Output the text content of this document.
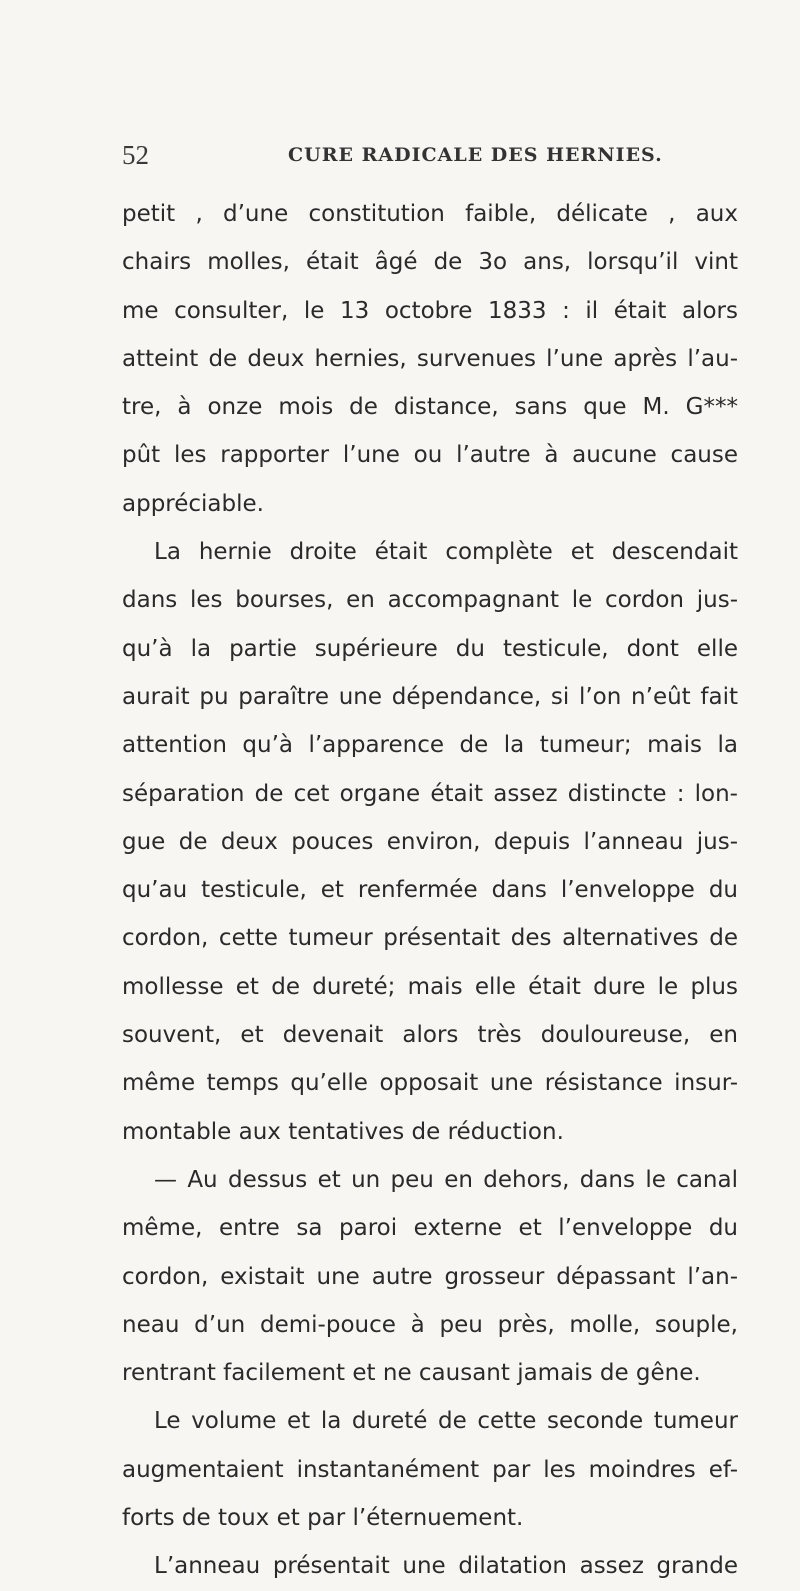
52	CURE RADICALE DES HERNIES.
petit , d’une constitution faible, délicate , aux
chairs molles, était âgé de 3o ans, lorsqu’il vint
me consulter, le 13 octobre 1833 : il était alors
atteint de deux hernies, survenues l’une après l’au-
tre, à onze mois de distance, sans que M. G***
pût les rapporter l’une ou l’autre à aucune cause
appréciable.
La hernie droite était complète et descendait
dans les bourses, en accompagnant le cordon jus-
qu’à la partie supérieure du testicule, dont elle
aurait pu paraître une dépendance, si l’on n’eût fait
attention qu’à l’apparence de la tumeur; mais la
séparation de cet organe était assez distincte : lon-
gue de deux pouces environ, depuis l’anneau jus-
qu’au testicule, et renfermée dans l’enveloppe du
cordon, cette tumeur présentait des alternatives de
mollesse et de dureté; mais elle était dure le plus
souvent, et devenait alors très douloureuse, en
même temps qu’elle opposait une résistance insur-
montable aux tentatives de réduction.
— Au dessus et un peu en dehors, dans le canal
même, entre sa paroi externe et l’enveloppe du
cordon, existait une autre grosseur dépassant l’an-
neau d’un demi-pouce à peu près, molle, souple,
rentrant facilement et ne causant jamais de gêne.
Le volume et la dureté de cette seconde tumeur
augmentaient instantanément par les moindres ef-
forts de toux et par l’éternuement.
L’anneau présentait une dilatation assez grande
